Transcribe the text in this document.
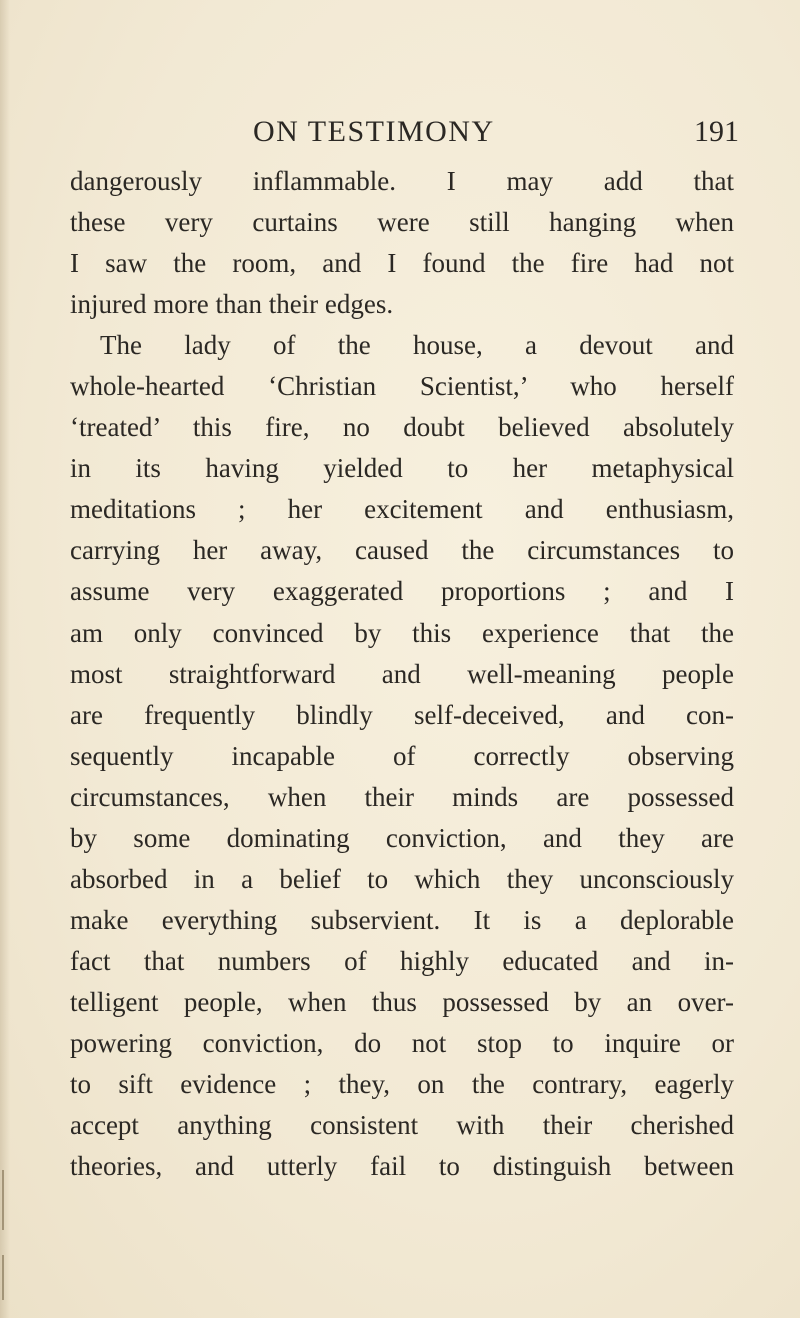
ON TESTIMONY	191
dangerously inflammable. I may add that
these very curtains were still hanging when
I saw the room, and I found the fire had not
injured more than their edges.
The lady of the house, a devout and
whole-hearted ‘Christian Scientist,’ who herself
‘treated’ this fire, no doubt believed absolutely
in its having yielded to her metaphysical
meditations ; her excitement and enthusiasm,
carrying her away, caused the circumstances to
assume very exaggerated proportions ; and I
am only convinced by this experience that the
most straightforward and well-meaning people
are frequently blindly self-deceived, and con-
sequently incapable of correctly observing
circumstances, when their minds are possessed
by some dominating conviction, and they are
absorbed in a belief to which they unconsciously
make everything subservient. It is a deplorable
fact that numbers of highly educated and in-
telligent people, when thus possessed by an over-
powering conviction, do not stop to inquire or
to sift evidence ; they, on the contrary, eagerly
accept anything consistent with their cherished
theories, and utterly fail to distinguish between
